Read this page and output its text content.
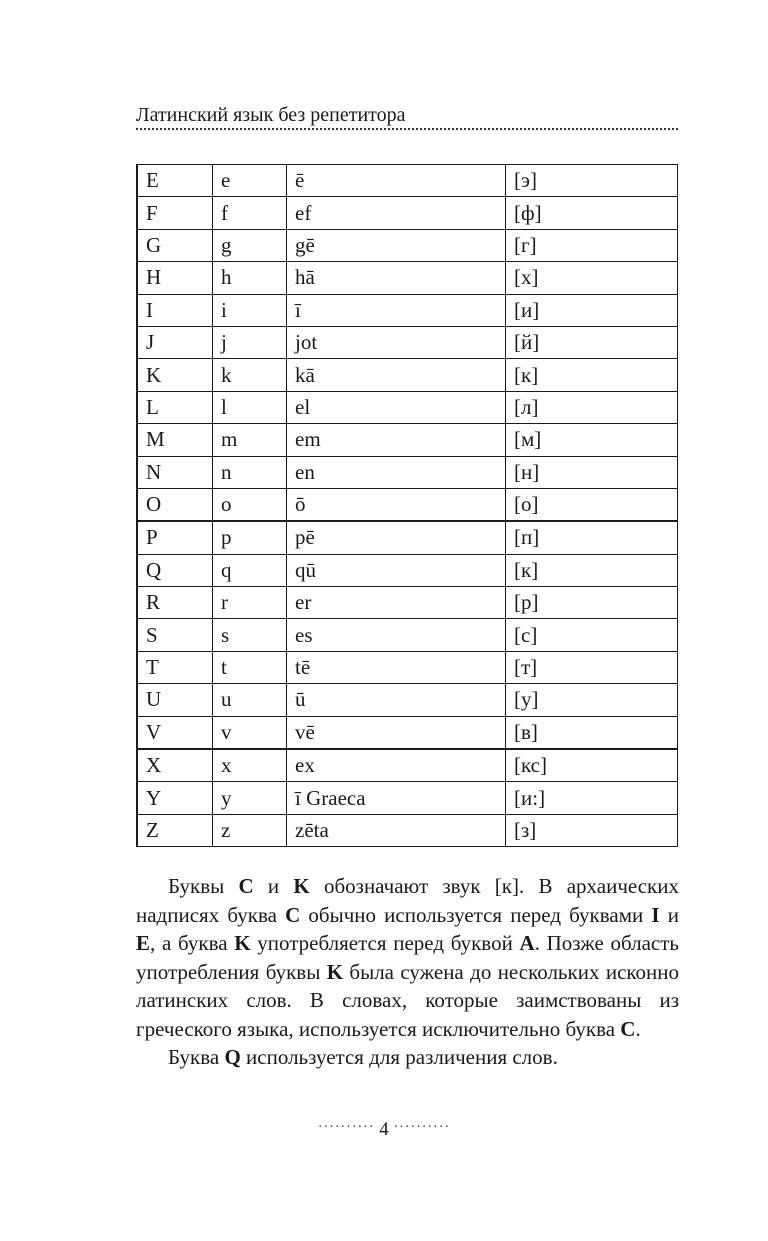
Латинский язык без репетитора
E	e	ē	[э]
F	f	ef	[ф]
G	g	gē	[г]
H	h	hā	[х]
I	i	ī	[и]
J	j	jot	[й]
K	k	kā	[к]
L	l	el	[л]
M	m	em	[м]
N	n	en	[н]
O	o	ō	[о]
P	p	pē	[п]
Q	q	qū	[к]
R	r	er	[р]
S	s	es	[с]
T	t	tē	[т]
U	u	ū	[у]
V	v	vē	[в]
X	x	ex	[кс]
Y	y	ī Graeca	[и:]
Z	z	zēta	[з]

Буквы C и K обозначают звук [к]. В архаических надписях буква C обычно используется перед буквами I и E, а буква K употребляется перед буквой A. Позже область употребления буквы K была сужена до нескольких исконно латинских слов. В словах, которые заимствованы из греческого языка, используется исключительно буква C.

Буква Q используется для различения слов.

·········· 4 ··········
